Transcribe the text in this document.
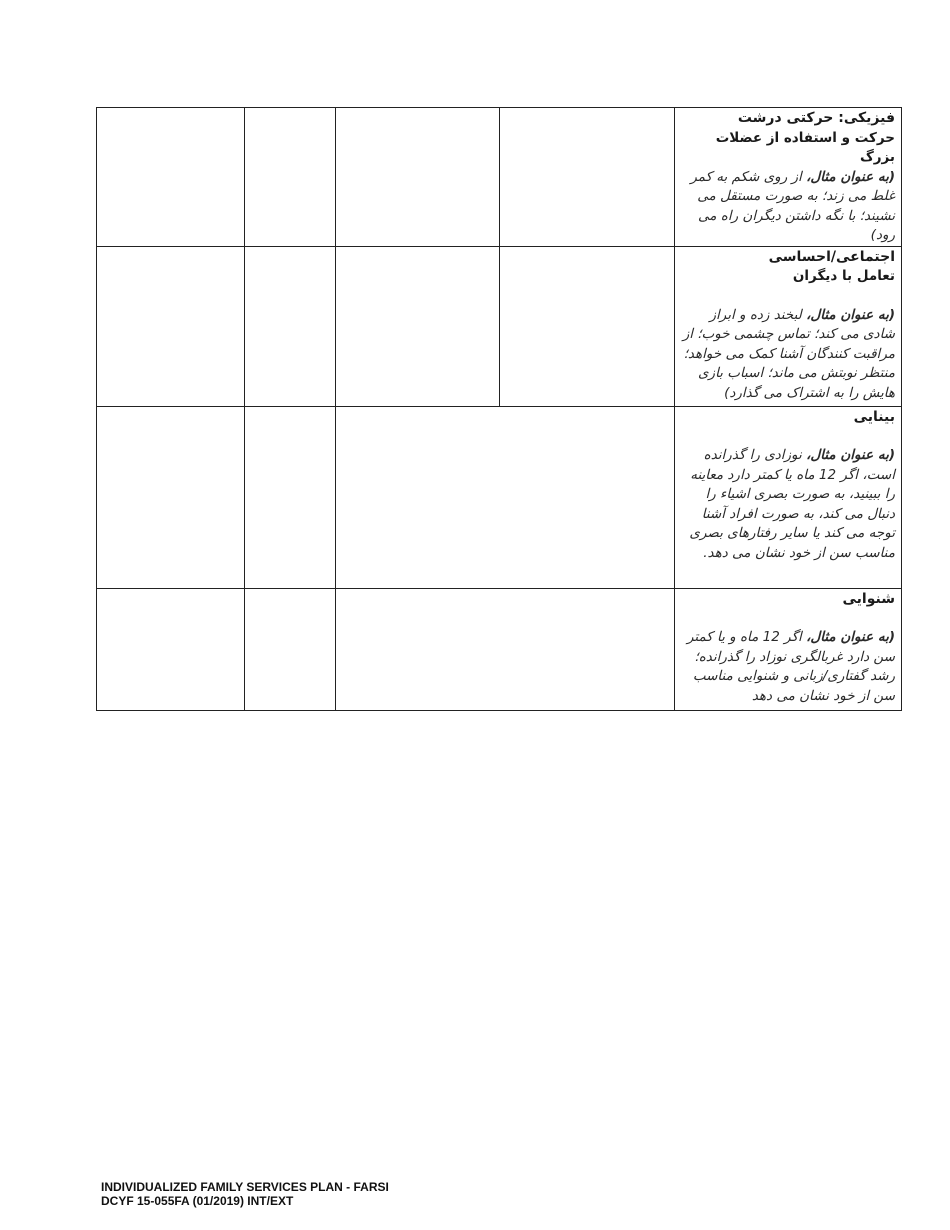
				فیزیکی: حرکتی درشت
حرکت و استفاده از عضلات بزرگ
(به عنوان مثال، از روی شکم به کمر غلط می زند؛ به صورت مستقل می نشیند؛ با نگه داشتن دیگران راه می رود)

				اجتماعی/احساسی
تعامل با دیگران
(به عنوان مثال، لبخند زده و ابراز شادی می کند؛ تماس چشمی خوب؛ از مراقبت کنندگان آشنا کمک می خواهد؛ منتظر نوبتش می ماند؛ اسباب بازی هایش را به اشتراک می گذارد)

				بینایی
(به عنوان مثال، نوزادی را گذرانده است، اگر 12 ماه یا کمتر دارد معاینه را ببینید، به صورت بصری اشیاء را دنبال می کند، به صورت افراد آشنا توجه می کند یا سایر رفتارهای بصری مناسب سن از خود نشان می دهد.

				شنوایی
(به عنوان مثال، اگر 12 ماه و یا کمتر سن دارد غربالگری نوزاد را گذرانده؛ رشد گفتاری/زبانی و شنوایی مناسب سن از خود نشان می دهد
INDIVIDUALIZED FAMILY SERVICES PLAN - FARSI
DCYF 15-055FA (01/2019) INT/EXT
